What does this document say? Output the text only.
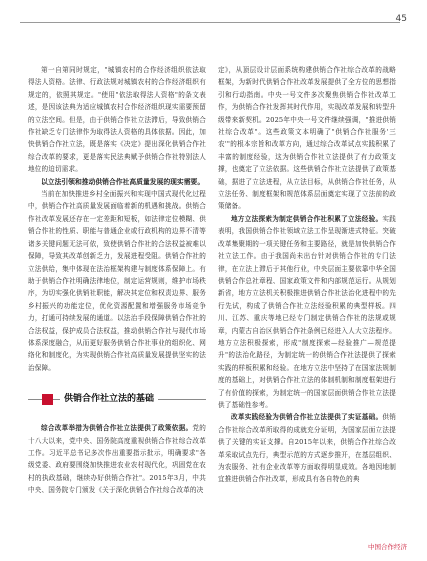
45

第一自第同时规定，"城镇农村的合作经济组织依法取得法人资格。法律、行政法规对城镇农村的合作经济组织有规定的，依照其规定。"使用"依法取得法人资格"的条文表述，是因该法典为适应城镇农村合作经济组织现实需要预留的立法空间。但是，由于供销合作社立法滞后，导致供销合作社缺乏专门法律作为取得法人资格的具体依据。因此，加快供销合作社立法，既是落实《决定》提出深化供销合作社综合改革的要求，更是落实民法典赋予供销合作社特别法人地位的迫切需求。

以立法引领和推动供销合作社高质量发展的现实需要。

当前在加快推进乡村全面振兴和实现中国式现代化过程中，供销合作社高质量发展面临着新的机遇和挑战。供销合作社改革发展还存在一定差距和短板，如法律定位模糊、供销合作社的性质、职能与普通企业或行政机构的边界不清等诸多关键问题无法可依，致使供销合作社的合法权益被难以保障，导致其改革创新乏力，发展进程受阻。供销合作社的立法供给，集中体现在法治框架构建与制度体系保障上。有助于供销合作社明确法律地位，制定运营规则，维护市场秩序，为切实强化供销社职能，解决其定位和权责边界、服务乡村振兴的功能定位，优化资源配置和增强服务市场竞争力，打通可持续发展的通道。以法治手段保障供销合作社的合法权益，保护成员合法权益，推动供销合作社与现代市场体系深度融合，从而更好服务供销合作社事业的组织化、网络化和制度化，为实现供销合作社高质量发展提供坚实的法治保障。

供销合作社立法的基础

综合改革举措为供销合作社立法提供了政策依据。党的十八大以来，党中央、国务院高度重视供销合作社综合改革工作。习近平总书记多次作出重要指示批示，明确要求"各级党委、政府要围绕加快推进农业农村现代化，巩固党在农村的执政基础，继续办好供销合作社"。2015年3月，中共中央、国务院专门颁发《关于深化供销合作社综合改革的决

定》，从顶层设计层面系统构建供销合作社综合改革的战略框架，为新时代供销合作社改革发展提供了全方位的思想指引和行动指南。中央一号文件多次聚焦供销合作社改革工作，为供销合作社发挥其时代作用，实现改革发展和转型升级带来新契机。2025年中央一号文件继续强调，"推进供销社综合改革"。这些政策文本明确了"供销合作社服务'三农'"的根本宗旨和改革方向，通过综合改革试点实践积累了丰富的制度经验，这为供销合作社立法提供了有力政策支撑，也奠定了立法依据。这些供销合作社立法提供了政策基础，据进了立法进程，从立法目标，从供销合作社任务，从立法任务、制度框架和规范体系层面奠定实现了立法前的政策储备。

地方立法探索为制定供销合作社积累了立法经验。实践表明，我国供销合作社领域立法工作呈现渐进式特征。突破改革集聚期的一项关键任务和主要路径，就是加快供销合作社立法工作。由于我国尚未出台针对供销合作社的专门法律，在立法上滞后于其他行业，中央层面主要依靠中华全国供销合作总社章程、国家政策文件和内部规范运行。从规划新省，地方立法机关积极推进供销合作社法治化进程中的先行先试，构成了供销合作社立法经验积累的典型样板。四川、江苏、重庆等地已经专门制定供销合作社的法规或规章，内蒙古自治区供销合作社条例已经进入人大立法程序。地方立法积极探索，形成"制度探索—经验推广—规范提升"的法治化路径，为制定统一的供销合作社法提供了探索实践的样板积累和经验。在地方立法中坚持了在国家法规制度的基础上，对供销合作社立法的体制机制和制度框架进行了有价值的探索，为制定统一的国家层面供销合作社立法提供了基础性参考。

改革实践经验为供销合作社立法提供了实证基础。供销合作社综合改革所取得的成就充分证明，为国家层面立法提供了关键的实证支撑。自2015年以来，供销合作社综合改革采取试点先行，典型示范的方式逐步推开，在基层组织、为农服务、社有企业改革等方面取得明显成效。各地因地制宜推进供销合作社改革，形成具有各自特色的典

中国合作经济
